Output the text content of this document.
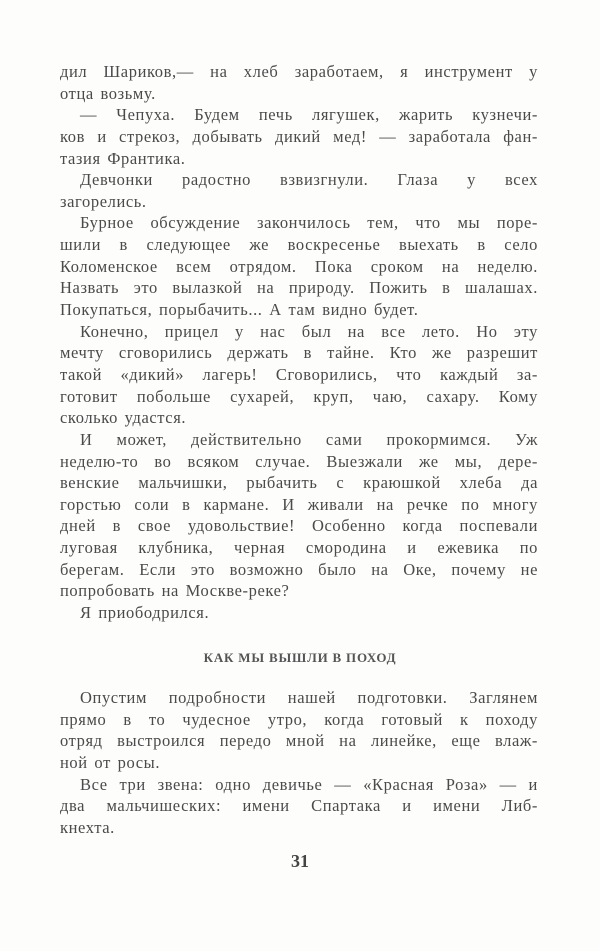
дил Шариков,— на хлеб заработаем, я инструмент у
отца возьму.
— Чепуха. Будем печь лягушек, жарить кузнечи-
ков и стрекоз, добывать дикий мед! — заработала фан-
тазия Франтика.
Девчонки радостно взвизгнули. Глаза у всех
загорелись.
Бурное обсуждение закончилось тем, что мы поре-
шили в следующее же воскресенье выехать в село
Коломенское всем отрядом. Пока сроком на неделю.
Назвать это вылазкой на природу. Пожить в шалашах.
Покупаться, порыбачить... А там видно будет.
Конечно, прицел у нас был на все лето. Но эту
мечту сговорились держать в тайне. Кто же разрешит
такой «дикий» лагерь! Сговорились, что каждый за-
готовит побольше сухарей, круп, чаю, сахару. Кому
сколько удастся.
И может, действительно сами прокормимся. Уж
неделю-то во всяком случае. Выезжали же мы, дере-
венские мальчишки, рыбачить с краюшкой хлеба да
горстью соли в кармане. И живали на речке по многу
дней в свое удовольствие! Особенно когда поспевали
луговая клубника, черная смородина и ежевика по
берегам. Если это возможно было на Оке, почему не
попробовать на Москве-реке?
Я приободрился.
КАК МЫ ВЫШЛИ В ПОХОД
Опустим подробности нашей подготовки. Заглянем
прямо в то чудесное утро, когда готовый к походу
отряд выстроился передо мной на линейке, еще влаж-
ной от росы.
Все три звена: одно девичье — «Красная Роза» — и
два мальчишеских: имени Спартака и имени Либ-
кнехта.
31
